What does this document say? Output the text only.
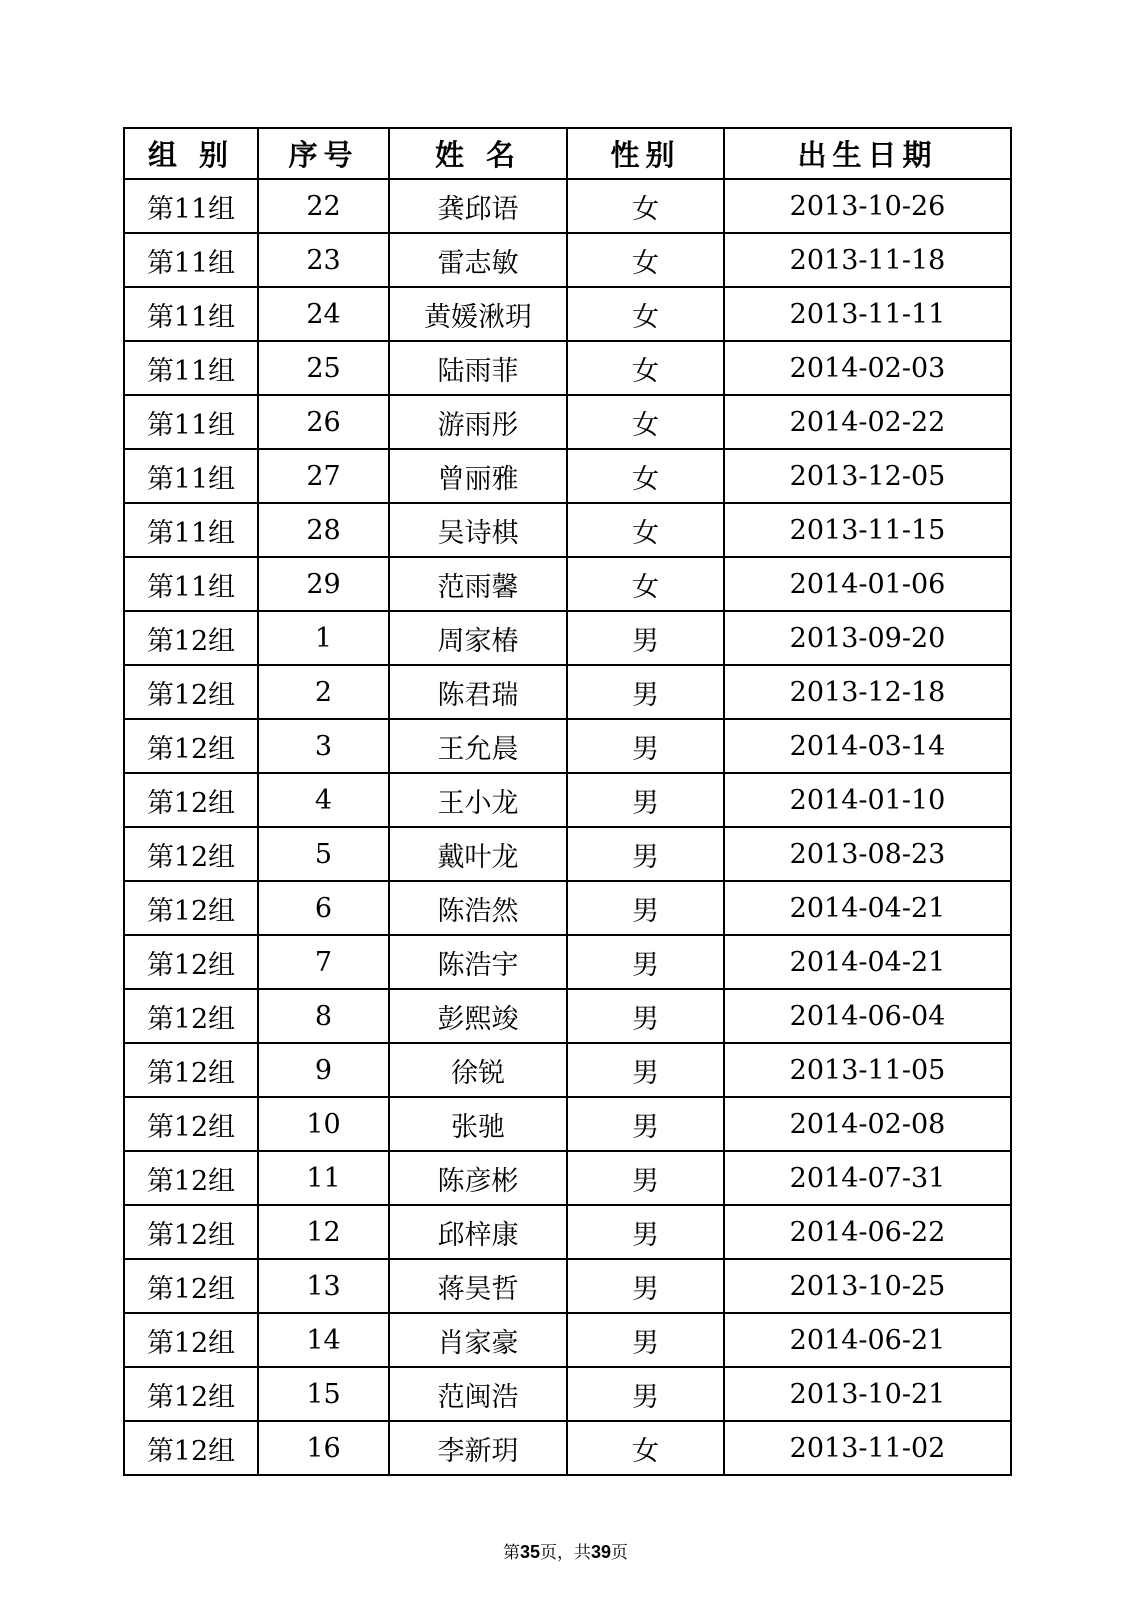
组 别	序号	姓 名	性别	出生日期
第11组	22	龚邱语	女	2013-10-26
第11组	23	雷志敏	女	2013-11-18
第11组	24	黄媛湫玥	女	2013-11-11
第11组	25	陆雨菲	女	2014-02-03
第11组	26	游雨彤	女	2014-02-22
第11组	27	曾丽雅	女	2013-12-05
第11组	28	吴诗棋	女	2013-11-15
第11组	29	范雨馨	女	2014-01-06
第12组	1	周家椿	男	2013-09-20
第12组	2	陈君瑞	男	2013-12-18
第12组	3	王允晨	男	2014-03-14
第12组	4	王小龙	男	2014-01-10
第12组	5	戴叶龙	男	2013-08-23
第12组	6	陈浩然	男	2014-04-21
第12组	7	陈浩宇	男	2014-04-21
第12组	8	彭熙竣	男	2014-06-04
第12组	9	徐锐	男	2013-11-05
第12组	10	张驰	男	2014-02-08
第12组	11	陈彦彬	男	2014-07-31
第12组	12	邱梓康	男	2014-06-22
第12组	13	蒋昊哲	男	2013-10-25
第12组	14	肖家豪	男	2014-06-21
第12组	15	范闽浩	男	2013-10-21
第12组	16	李新玥	女	2013-11-02
第35页，共39页
